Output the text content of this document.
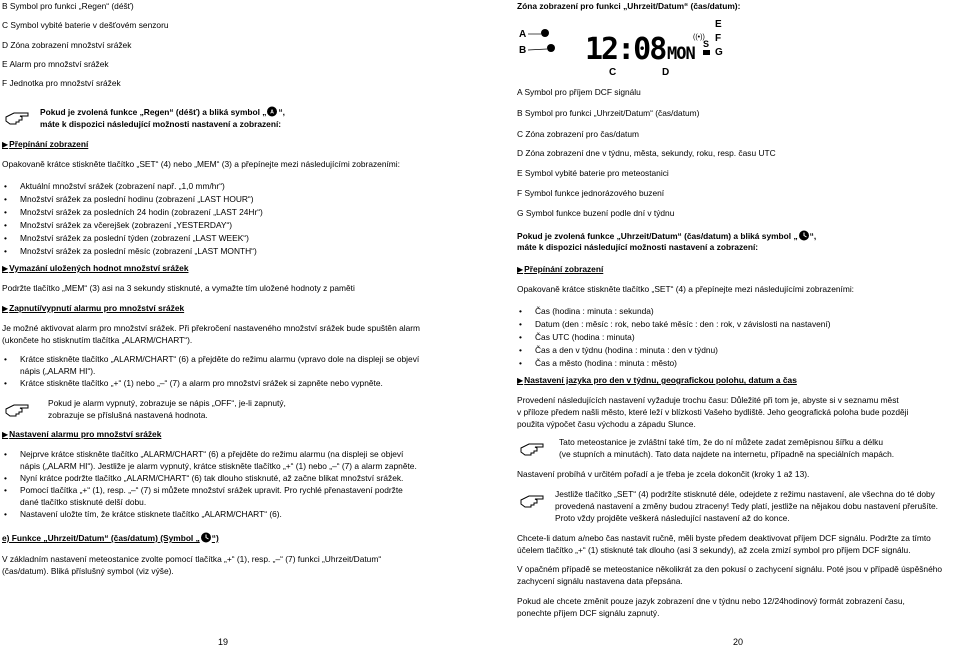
B Symbol pro funkci „Regen“ (déšť)
C Symbol vybité baterie v dešťovém senzoru
D Zóna zobrazení množství srážek
E Alarm pro množství srážek
F Jednotka pro množství srážek
Pokud je zvolená funkce „Regen“ (déšť) a bliká symbol „ A “,
máte k dispozici následující možnosti nastavení a zobrazení:
▶ Přepínání zobrazení
Opakovaně krátce stiskněte tlačítko „SET“ (4) nebo „MEM“ (3) a přepínejte mezi následujícími zobrazeními:
• Aktuální množství srážek (zobrazení např. „1,0 mm/hr“)
• Množství srážek za poslední hodinu (zobrazení „LAST HOUR“)
• Množství srážek za posledních 24 hodin (zobrazení „LAST 24Hr“)
• Množství srážek za včerejšek (zobrazení „YESTERDAY“)
• Množství srážek za poslední týden (zobrazení „LAST WEEK“)
• Množství srážek za poslední měsíc (zobrazení „LAST MONTH“)
▶ Vymazání uložených hodnot množství srážek
Podržte tlačítko „MEM“ (3) asi na 3 sekundy stisknuté, a vymažte tím uložené hodnoty z paměti
▶ Zapnutí/vypnutí alarmu pro množství srážek
Je možné aktivovat alarm pro množství srážek. Při překročení nastaveného množství srážek bude spuštěn alarm
(ukončete ho stisknutím tlačítka „ALARM/CHART“).
• Krátce stiskněte tlačítko „ALARM/CHART“ (6) a přejděte do režimu alarmu (vpravo dole na displeji se objeví
nápis („ALARM HI“).
• Krátce stiskněte tlačítko „+“ (1) nebo „–“ (7) a alarm pro množství srážek si zapněte nebo vypněte.
Pokud je alarm vypnutý, zobrazuje se nápis „OFF“, je-li zapnutý,
zobrazuje se příslušná nastavená hodnota.
▶ Nastavení alarmu pro množství srážek
• Nejprve krátce stiskněte tlačítko „ALARM/CHART“ (6) a přejděte do režimu alarmu (na displeji se objeví
nápis („ALARM HI“). Jestliže je alarm vypnutý, krátce stiskněte tlačítko „+“ (1) nebo „–“ (7) a alarm zapněte.
• Nyní krátce podržte tlačítko „ALARM/CHART“ (6) tak dlouho stisknuté, až začne blikat množství srážek.
• Pomocí tlačítka „+“ (1), resp. „–“ (7) si můžete množství srážek upravit. Pro rychlé přenastavení podržte
dané tlačítko stisknuté delší dobu.
• Nastavení uložte tím, že krátce stisknete tlačítko „ALARM/CHART“ (6).
e) Funkce „Uhrzeit/Datum“ (čas/datum) (Symbol „ “)
V základním nastavení meteostanice zvolte pomocí tlačítka „+“ (1), resp. „–“ (7) funkci „Uhrzeit/Datum“
(čas/datum). Bliká příslušný symbol (viz výše).
19
Zóna zobrazení pro funkci „Uhrzeit/Datum“ (čas/datum):
A
B 12:08 MON
((•))
S
E
F
G
C	D
A Symbol pro příjem DCF signálu
B Symbol pro funkci „Uhrzeit/Datum“ (čas/datum)
C Zóna zobrazení pro čas/datum
D Zóna zobrazení dne v týdnu, města, sekundy, roku, resp. času UTC
E Symbol vybité baterie pro meteostanici
F Symbol funkce jednorázového buzení
G Symbol funkce buzení podle dní v týdnu
Pokud je zvolená funkce „Uhrzeit/Datum“ (čas/datum) a bliká symbol „ “,
máte k dispozici následující možnosti nastavení a zobrazení:
▶ Přepínání zobrazení
Opakovaně krátce stiskněte tlačítko „SET“ (4) a přepínejte mezi následujícími zobrazeními:
• Čas (hodina : minuta : sekunda)
• Datum (den : měsíc : rok, nebo také měsíc : den : rok, v závislosti na nastavení)
• Čas UTC (hodina : minuta)
• Čas a den v týdnu (hodina : minuta : den v týdnu)
• Čas a město (hodina : minuta : město)
▶ Nastavení jazyka pro den v týdnu, geografickou polohu, datum a čas
Provedení následujících nastavení vyžaduje trochu času: Důležité při tom je, abyste si v seznamu měst
v příloze předem našli město, které leží v blízkosti Vašeho bydliště. Jeho geografická poloha bude později
použita výpočet času východu a západu Slunce.
Tato meteostanice je zvláštní také tím, že do ní můžete zadat zeměpisnou šířku a délku
(ve stupních a minutách). Tato data najdete na internetu, případně na speciálních mapách.
Nastavení probíhá v určitém pořadí a je třeba je zcela dokončit (kroky 1 až 13).
Jestliže tlačítko „SET“ (4) podržíte stisknuté déle, odejdete z režimu nastavení, ale všechna do té doby
provedená nastavení a změny budou ztraceny! Tedy platí, jestliže na nějakou dobu nastavení přerušíte.
Proto vždy projděte veškerá následující nastavení až do konce.
Chcete-li datum a/nebo čas nastavit ručně, měli byste předem deaktivovat příjem DCF signálu. Podržte za tímto
účelem tlačítko „+“ (1) stisknuté tak dlouho (asi 3 sekundy), až zcela zmizí symbol pro příjem DCF signálu.
V opačném případě se meteostanice několikrát za den pokusí o zachycení signálu. Poté jsou v případě úspěšného
zachycení signálu nastavena data přepsána.
Pokud ale chcete změnit pouze jazyk zobrazení dne v týdnu nebo 12/24hodinový formát zobrazení času,
ponechte příjem DCF signálu zapnutý.
20
